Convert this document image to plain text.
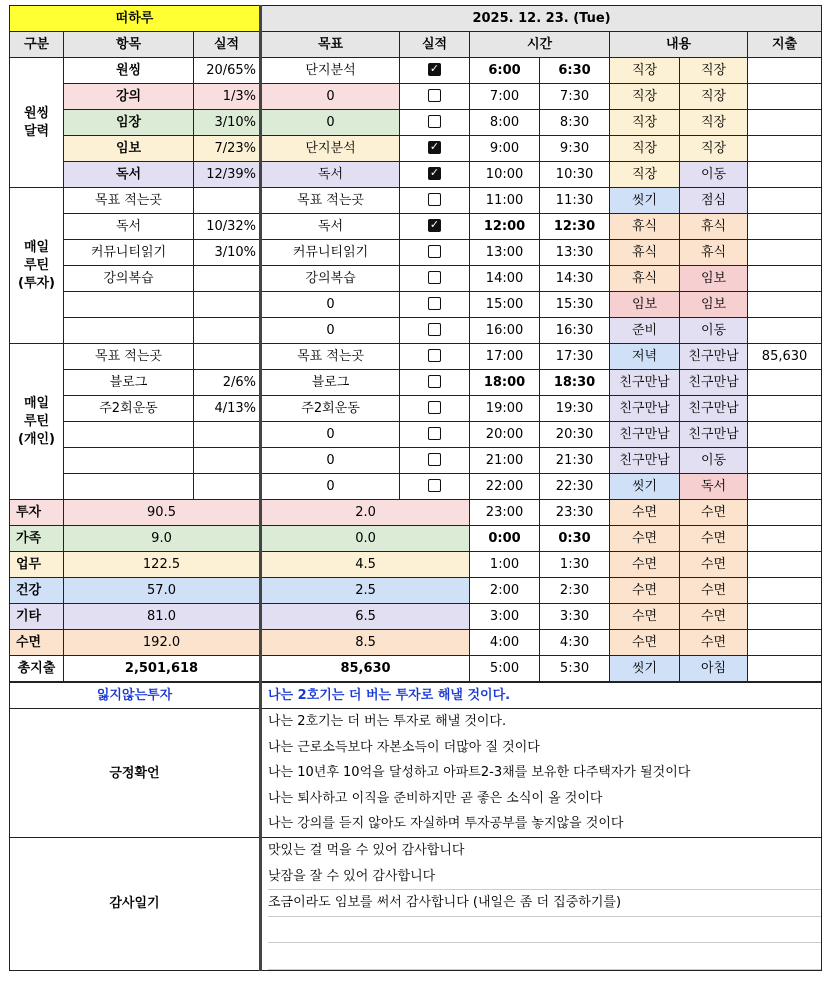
떠하루			2025. 12. 23. (Tue)						
구분	항목	실적	목표	실적	시간		내용		지출
원씽
달력	원씽	20/65%	단지분석	✓	6:00	6:30	직장	직장	
	강의	1/3%	0		7:00	7:30	직장	직장	
	임장	3/10%	0		8:00	8:30	직장	직장	
	임보	7/23%	단지분석	✓	9:00	9:30	직장	직장	
	독서	12/39%	독서	✓	10:00	10:30	직장	이동	
매일
루틴
(투자)	목표 적는곳		목표 적는곳		11:00	11:30	씻기	점심	
	독서	10/32%	독서	✓	12:00	12:30	휴식	휴식	
	커뮤니티읽기	3/10%	커뮤니티읽기		13:00	13:30	휴식	휴식	
	강의복습		강의복습		14:00	14:30	휴식	임보	
			0		15:00	15:30	임보	임보	
			0		16:00	16:30	준비	이동	
매일
루틴
(개인)	목표 적는곳		목표 적는곳		17:00	17:30	저녁	친구만남	85,630
	블로그	2/6%	블로그		18:00	18:30	친구만남	친구만남	
	주2회운동	4/13%	주2회운동		19:00	19:30	친구만남	친구만남	
			0		20:00	20:30	친구만남	친구만남	
			0		21:00	21:30	친구만남	이동	
			0		22:00	22:30	씻기	독서	
투자	90.5		2.0		23:00	23:30	수면	수면	
가족	9.0		0.0		0:00	0:30	수면	수면	
업무	122.5		4.5		1:00	1:30	수면	수면	
건강	57.0		2.5		2:00	2:30	수면	수면	
기타	81.0		6.5		3:00	3:30	수면	수면	
수면	192.0		8.5		4:00	4:30	수면	수면	
총지출	2,501,618		85,630		5:00	5:30	씻기	아침	
잃지않는투자	나는 2호기는 더 버는 투자로 해낼 것이다.
긍정확언	나는 2호기는 더 버는 투자로 해낼 것이다.
나는 근로소득보다 자본소득이 더많아 질 것이다
나는 10년후 10억을 달성하고 아파트2-3채를 보유한 다주택자가 될것이다
나는 퇴사하고 이직을 준비하지만 곧 좋은 소식이 올 것이다
나는 강의를 듣지 않아도 자실하며 투자공부를 놓지않을 것이다

감사일기	맛있는 걸 먹을 수 있어 감사합니다
낮잠을 잘 수 있어 감사합니다
조금이라도 임보를 써서 감사합니다 (내일은 좀 더 집중하기를)
